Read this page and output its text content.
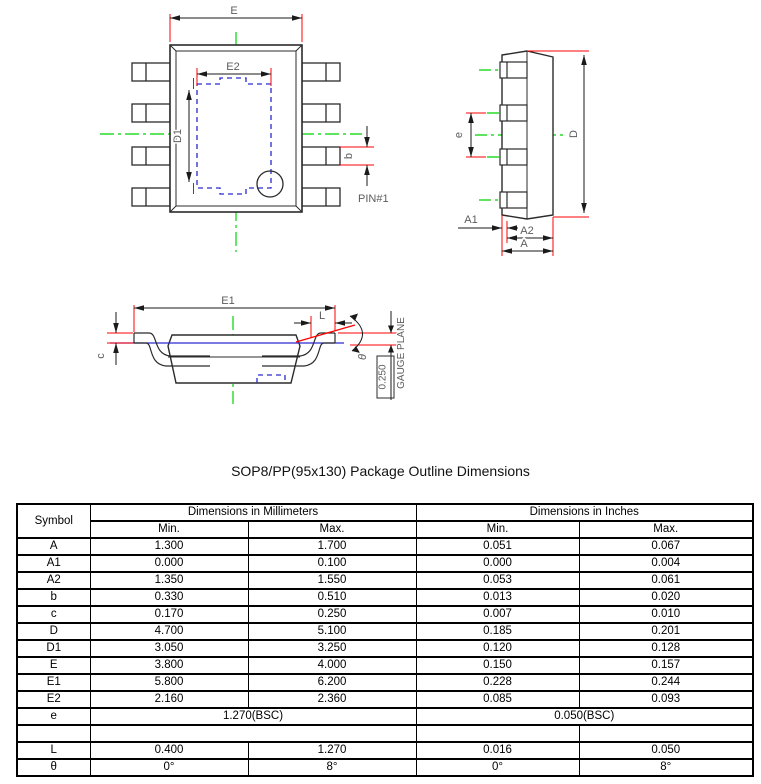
E
E2
D1
b
PIN#1
e	D
A1
A2
A
E1
L
c	θ
0.250 GAUGE PLANE
SOP8/PP(95x130) Package Outline Dimensions
Symbol	Dimensions in Millimeters		Dimensions in Inches	
	Min.	Max.	Min.	Max.
A	1.300	1.700	0.051	0.067
A1	0.000	0.100	0.000	0.004
A2	1.350	1.550	0.053	0.061
b	0.330	0.510	0.013	0.020
c	0.170	0.250	0.007	0.010
D	4.700	5.100	0.185	0.201
D1	3.050	3.250	0.120	0.128
E	3.800	4.000	0.150	0.157
E1	5.800	6.200	0.228	0.244
E2	2.160	2.360	0.085	0.093
e	1.270(BSC)		0.050(BSC)	

L	0.400	1.270	0.016	0.050
θ	0°	8°	0°	8°
